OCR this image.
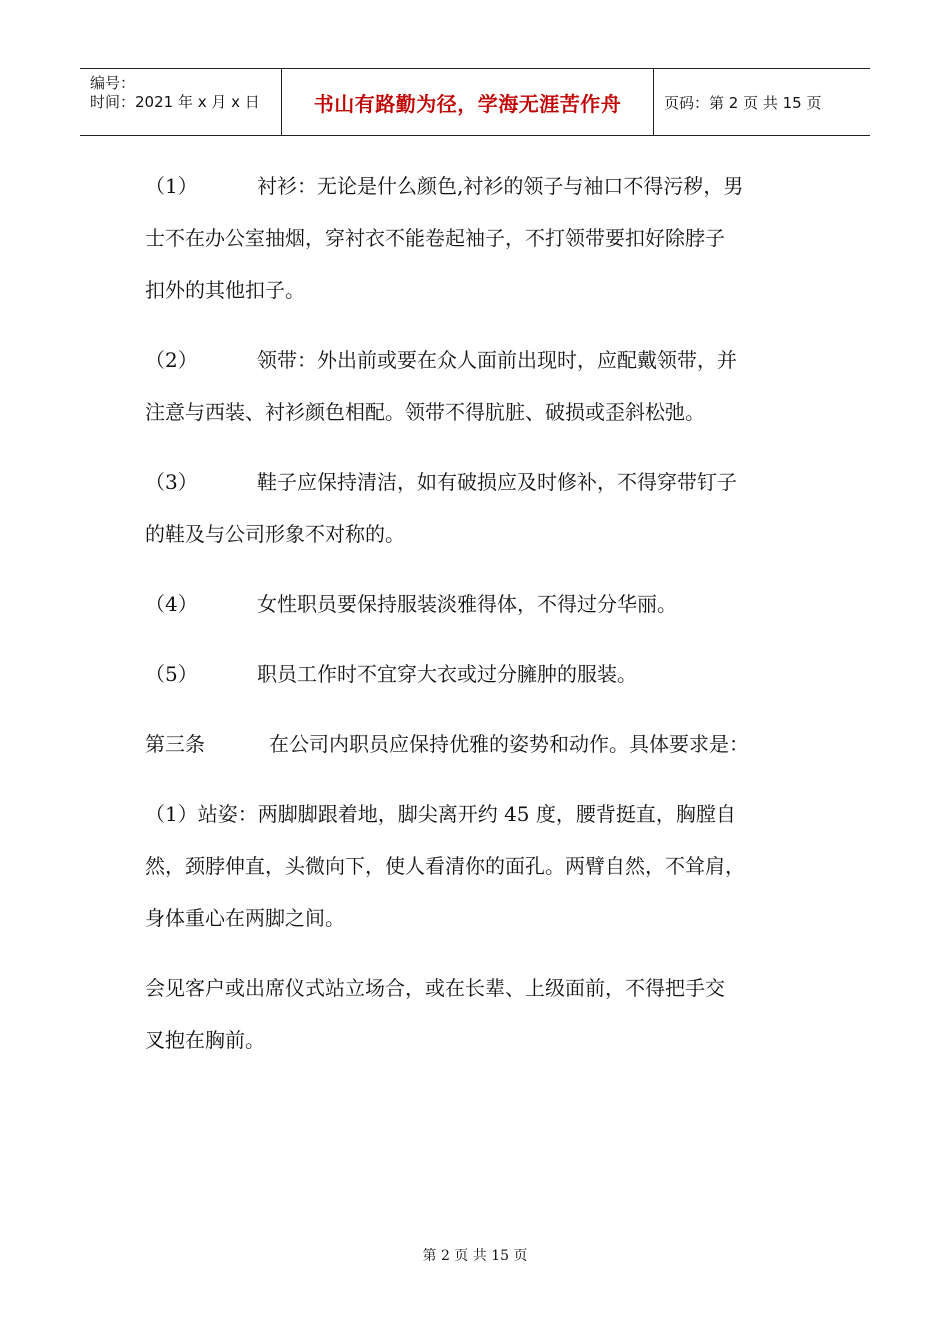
编号：
时间：2021 年 x 月 x 日	书山有路勤为径，学海无涯苦作舟	页码：第 2 页 共 15 页

（1）	衬衫：无论是什么颜色,衬衫的领子与袖口不得污秽，男

士不在办公室抽烟，穿衬衣不能卷起袖子，不打领带要扣好除脖子

扣外的其他扣子。

（2）	领带：外出前或要在众人面前出现时，应配戴领带，并

注意与西装、衬衫颜色相配。领带不得肮脏、破损或歪斜松弛。

（3）	鞋子应保持清洁，如有破损应及时修补，不得穿带钉子

的鞋及与公司形象不对称的。

（4）	女性职员要保持服装淡雅得体，不得过分华丽。

（5）	职员工作时不宜穿大衣或过分臃肿的服装。

第三条	在公司内职员应保持优雅的姿势和动作。具体要求是：

（1）站姿：两脚脚跟着地，脚尖离开约 45 度，腰背挺直，胸膛自

然，颈脖伸直，头微向下，使人看清你的面孔。两臂自然，不耸肩，

身体重心在两脚之间。

会见客户或出席仪式站立场合，或在长辈、上级面前，不得把手交

叉抱在胸前。

第 2 页 共 15 页
